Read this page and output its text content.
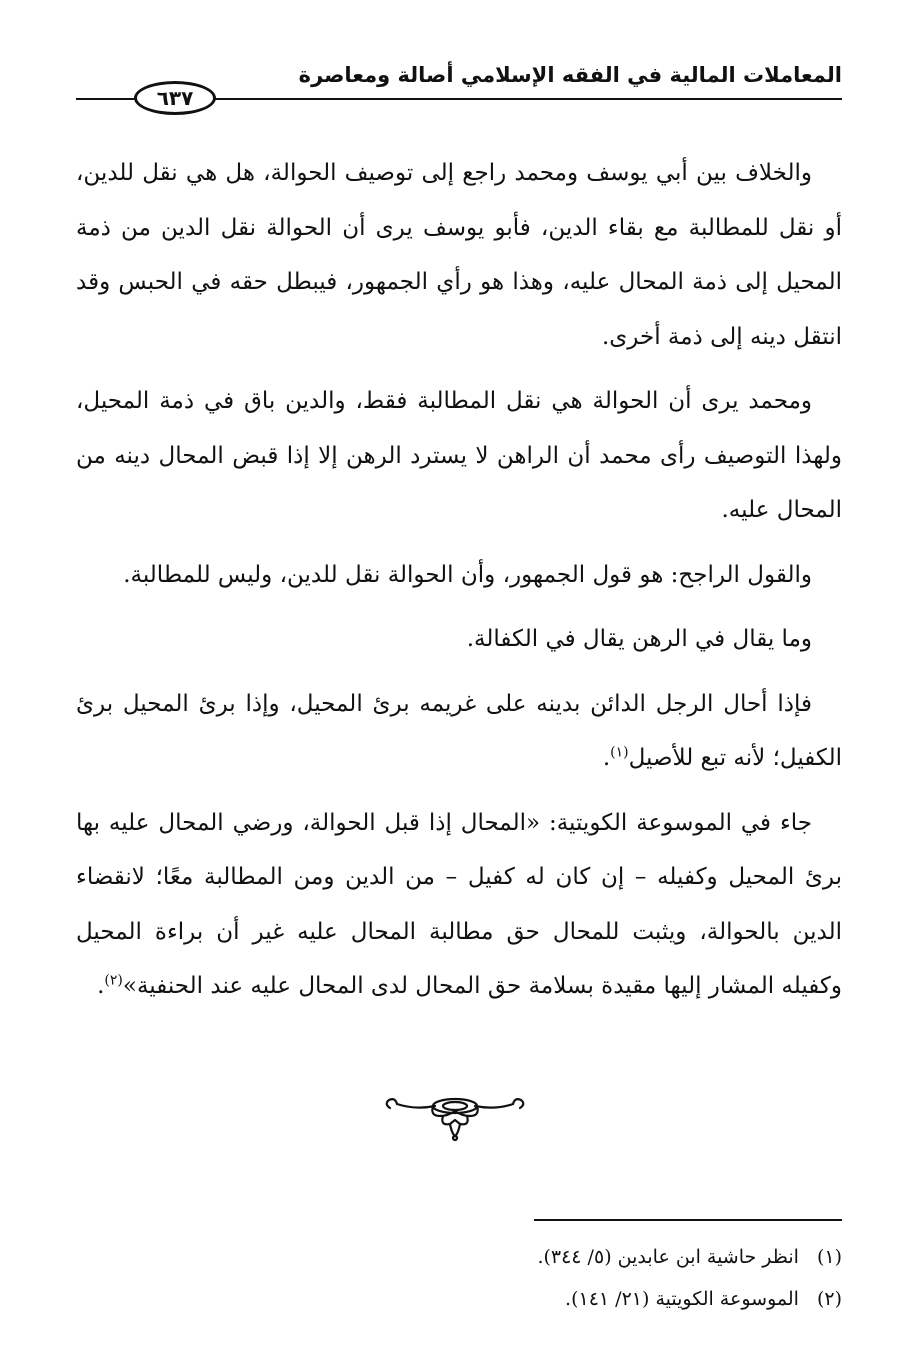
المعاملات المالية في الفقه الإسلامي أصالة ومعاصرة
٦٣٧

والخلاف بين أبي يوسف ومحمد راجع إلى توصيف الحوالة، هل هي نقل للدين، أو نقل للمطالبة مع بقاء الدين، فأبو يوسف يرى أن الحوالة نقل الدين من ذمة المحيل إلى ذمة المحال عليه، وهذا هو رأي الجمهور، فيبطل حقه في الحبس وقد انتقل دينه إلى ذمة أخرى.

ومحمد يرى أن الحوالة هي نقل المطالبة فقط، والدين باق في ذمة المحيل، ولهذا التوصيف رأى محمد أن الراهن لا يسترد الرهن إلا إذا قبض المحال دينه من المحال عليه.

والقول الراجح: هو قول الجمهور، وأن الحوالة نقل للدين، وليس للمطالبة.

وما يقال في الرهن يقال في الكفالة.

فإذا أحال الرجل الدائن بدينه على غريمه برئ المحيل، وإذا برئ المحيل برئ الكفيل؛ لأنه تبع للأصيل$^{(١)}$.

جاء في الموسوعة الكويتية: «المحال إذا قبل الحوالة، ورضي المحال عليه بها برئ المحيل وكفيله – إن كان له كفيل – من الدين ومن المطالبة معًا؛ لانقضاء الدين بالحوالة، ويثبت للمحال حق مطالبة المحال عليه غير أن براءة المحيل وكفيله المشار إليها مقيدة بسلامة حق المحال لدى المحال عليه عند الحنفية»$^{(٢)}$.

(١)انظر حاشية ابن عابدين (٥/ ٣٤٤).
(٢)الموسوعة الكويتية (٢١/ ١٤١).
